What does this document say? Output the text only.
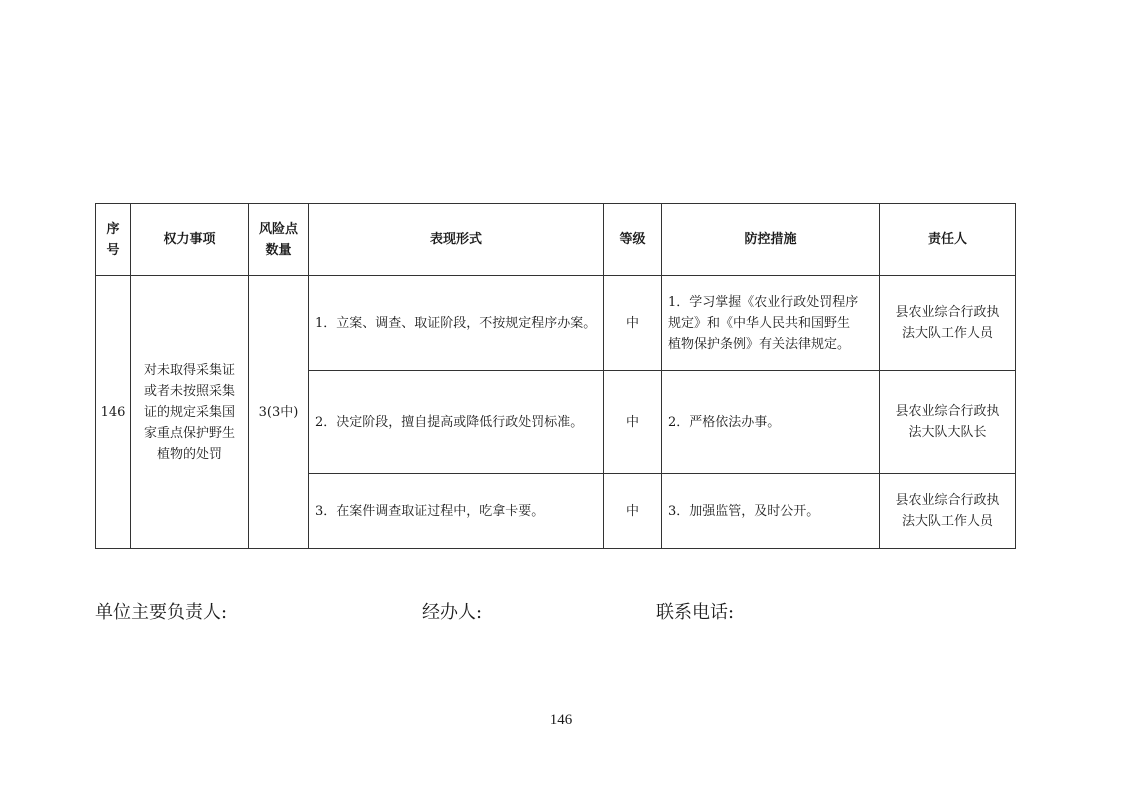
序
号	权力事项	风险点
数量	表现形式	等级	防控措施	责任人
146	对未取得采集证
或者未按照采集
证的规定采集国
家重点保护野生
植物的处罚	3(3中)	1．立案、调查、取证阶段，不按规定程序办案。	中	1．学习掌握《农业行政处罚程序
规定》和《中华人民共和国野生
植物保护条例》有关法律规定。	县农业综合行政执
法大队工作人员

			2．决定阶段，擅自提高或降低行政处罚标准。	中	2．严格依法办事。	县农业综合行政执
法大队大队长

			3．在案件调查取证过程中，吃拿卡要。	中	3．加强监管，及时公开。	县农业综合行政执
法大队工作人员
单位主要负责人:	经办人:	联系电话:
146
